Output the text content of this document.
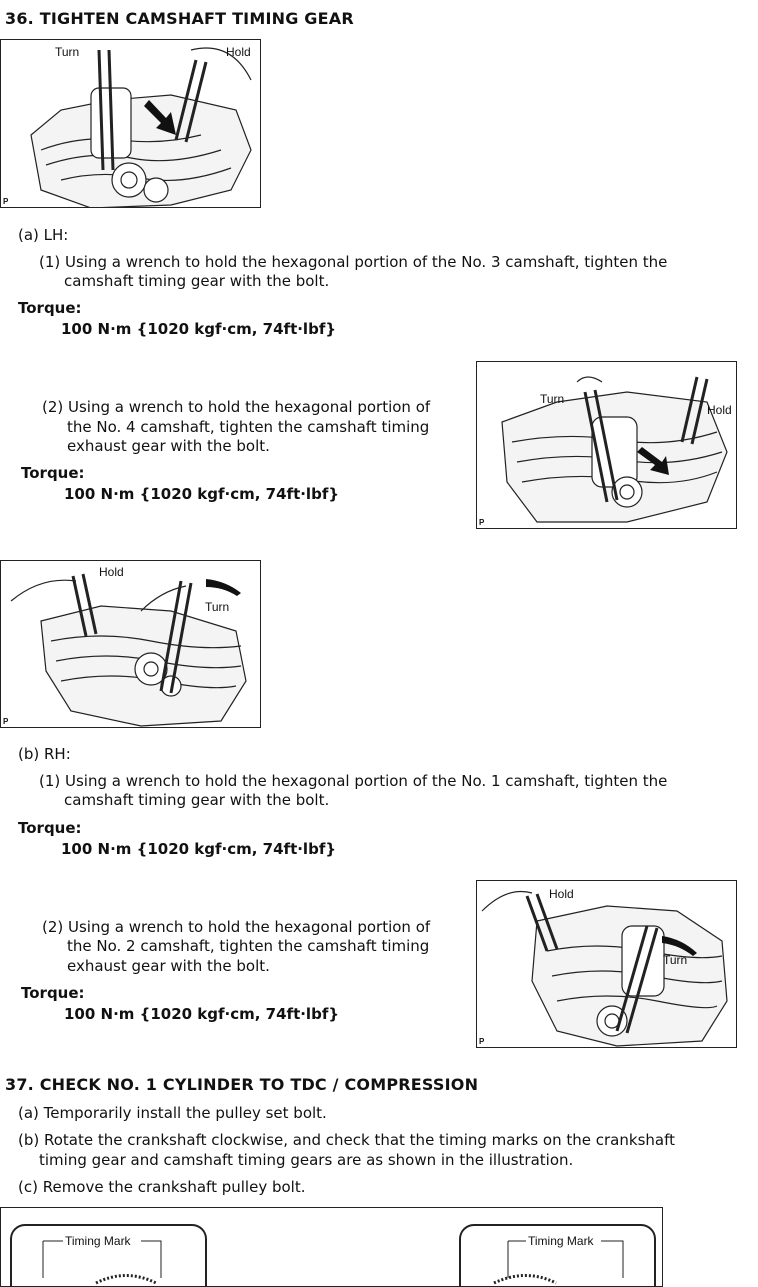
36. TIGHTEN CAMSHAFT TIMING GEAR
Turn	Hold
P
(a) LH:
(1) Using a wrench to hold the hexagonal portion of the No. 3 camshaft, tighten the
camshaft timing gear with the bolt.
Torque:
100 N·m {1020 kgf·cm, 74ft·lbf}
(2) Using a wrench to hold the hexagonal portion of
the No. 4 camshaft, tighten the camshaft timing
exhaust gear with the bolt.
Torque:
100 N·m {1020 kgf·cm, 74ft·lbf}
Turn
Hold
P
Hold
Turn
P
(b) RH:
(1) Using a wrench to hold the hexagonal portion of the No. 1 camshaft, tighten the
camshaft timing gear with the bolt.
Torque:
100 N·m {1020 kgf·cm, 74ft·lbf}
(2) Using a wrench to hold the hexagonal portion of
the No. 2 camshaft, tighten the camshaft timing
exhaust gear with the bolt.
Torque:
100 N·m {1020 kgf·cm, 74ft·lbf}
Hold
Turn
P
37. CHECK NO. 1 CYLINDER TO TDC / COMPRESSION
(a) Temporarily install the pulley set bolt.
(b) Rotate the crankshaft clockwise, and check that the timing marks on the crankshaft
timing gear and camshaft timing gears are as shown in the illustration.
(c) Remove the crankshaft pulley bolt.
Timing Mark	Timing Mark
